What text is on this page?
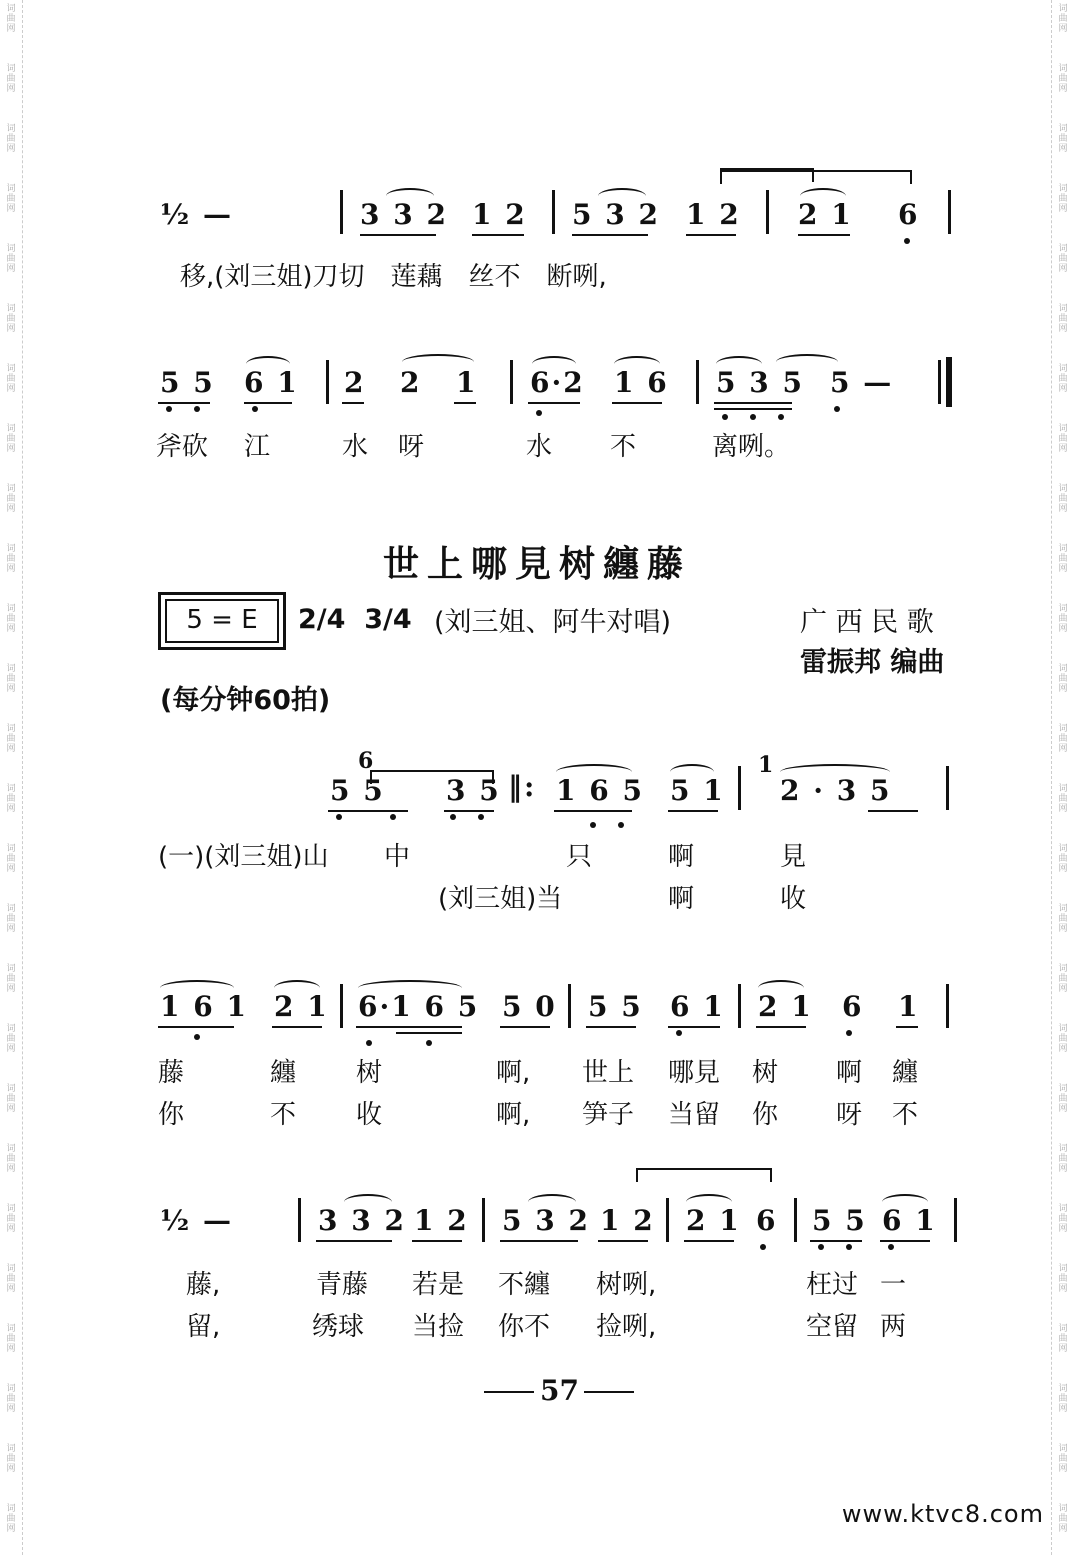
词
曲
网
词
曲
网
词
曲
网
词
曲
网
词
曲
网
词
曲
网
词
曲
网
词
曲
网
词
曲
网
词
曲
网
词
曲
网
词
曲
网
词
曲
网
词
曲
网
词
曲
网
词
曲
网
词
曲
网
词
曲
网
词
曲
网
词
曲
网
词
曲
网
词
曲
网
词
曲
网
词
曲
网
词
曲
网
词
曲
网
词
曲
网
词
曲
网
词
曲
网
词
曲
网
词
曲
网
词
曲
网
词
曲
网
词
曲
网
词
曲
网
词
曲
网
词
曲
网
词
曲
网
词
曲
网
词
曲
网
词
曲
网
词
曲
网
词
曲
网
词
曲
网
词
曲
网
词
曲
网
词
曲
网
词
曲
网
词
曲
网
词
曲
网
词
曲
网
词
曲
网
½ —	3 3 2 1 2 5 3 2 1 2 2 1 6
移,(刘三姐)刀切　莲藕　丝不　断咧,
5 5 6 1 2 2 1 6·2 1 6 5 3 5 5 —
斧砍 江	水 呀	水 不	离咧。
世上哪見树纏藤
5 = E	2/4  3/4 (刘三姐、阿牛对唱)	广 西 民 歌
雷振邦 编曲
(每分钟60拍)
6
5 5 3 5 ‖: 1 6 5 5 1
1
2 · 3 5
(一)(刘三姐)山 中	只	啊	見
(刘三姐)当	啊	收
1 6 1 2 1 6·1 6 5 5 0 5 5 6 1 2 1 6 1
藤	纏 树	啊, 世上 哪見 树 啊 纏
你	不 收	啊, 笋子 当留 你 呀 不
½ —	3 3 2 1 2 5 3 2 1 2 2 1 6 5 5 6 1
藤,	青藤 若是 不纏 树咧,	枉过 一
留,	绣球 当捡 你不 捡咧,	空留 两
57
www.ktvc8.com
